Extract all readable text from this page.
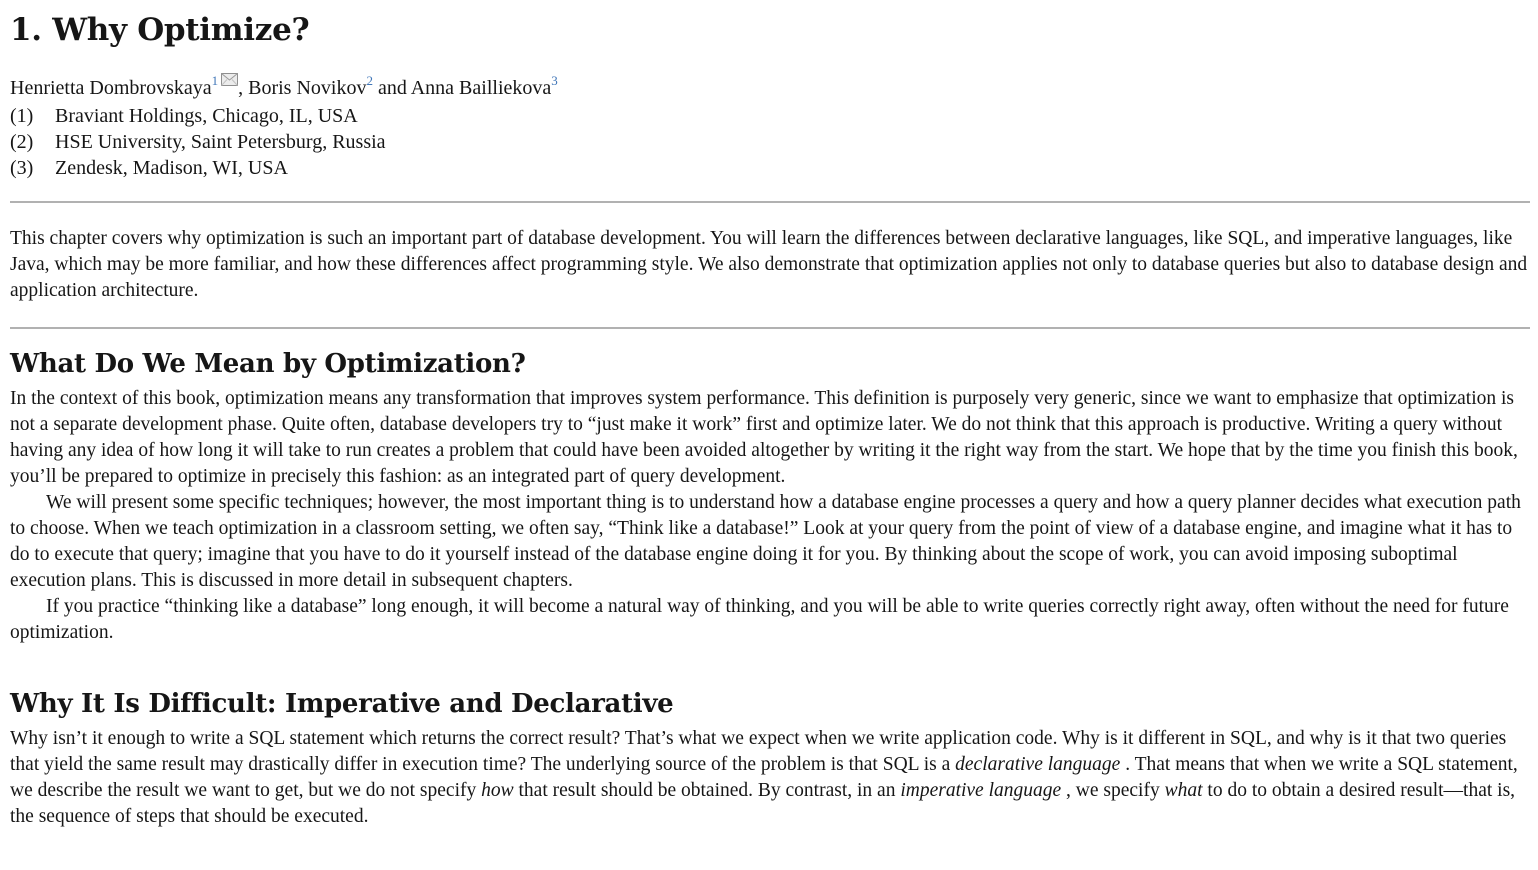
1. Why Optimize?

Henrietta Dombrovskaya$^1$ , Boris Novikov$^2$ and Anna Bailliekova$^3$

(1) Braviant Holdings, Chicago, IL, USA
(2) HSE University, Saint Petersburg, Russia
(3) Zendesk, Madison, WI, USA

This chapter covers why optimization is such an important part of database development. You will learn the differences between declarative languages, like SQL, and imperative languages, like Java, which may be more familiar, and how these differences affect programming style. We also demonstrate that optimization applies not only to database queries but also to database design and application architecture.

What Do We Mean by Optimization?

In the context of this book, optimization means any transformation that improves system performance. This definition is purposely very generic, since we want to emphasize that optimization is not a separate development phase. Quite often, database developers try to “just make it work” first and optimize later. We do not think that this approach is productive. Writing a query without having any idea of how long it will take to run creates a problem that could have been avoided altogether by writing it the right way from the start. We hope that by the time you finish this book, you’ll be prepared to optimize in precisely this fashion: as an integrated part of query development.

We will present some specific techniques; however, the most important thing is to understand how a database engine processes a query and how a query planner decides what execution path to choose. When we teach optimization in a classroom setting, we often say, “Think like a database!” Look at your query from the point of view of a database engine, and imagine what it has to do to execute that query; imagine that you have to do it yourself instead of the database engine doing it for you. By thinking about the scope of work, you can avoid imposing suboptimal execution plans. This is discussed in more detail in subsequent chapters.

If you practice “thinking like a database” long enough, it will become a natural way of thinking, and you will be able to write queries correctly right away, often without the need for future optimization.

Why It Is Difficult: Imperative and Declarative

Why isn’t it enough to write a SQL statement which returns the correct result? That’s what we expect when we write application code. Why is it different in SQL, and why is it that two queries that yield the same result may drastically differ in execution time? The underlying source of the problem is that SQL is a declarative language . That means that when we write a SQL statement, we describe the result we want to get, but we do not specify how that result should be obtained. By contrast, in an imperative language , we specify what to do to obtain a desired result—that is, the sequence of steps that should be executed.
